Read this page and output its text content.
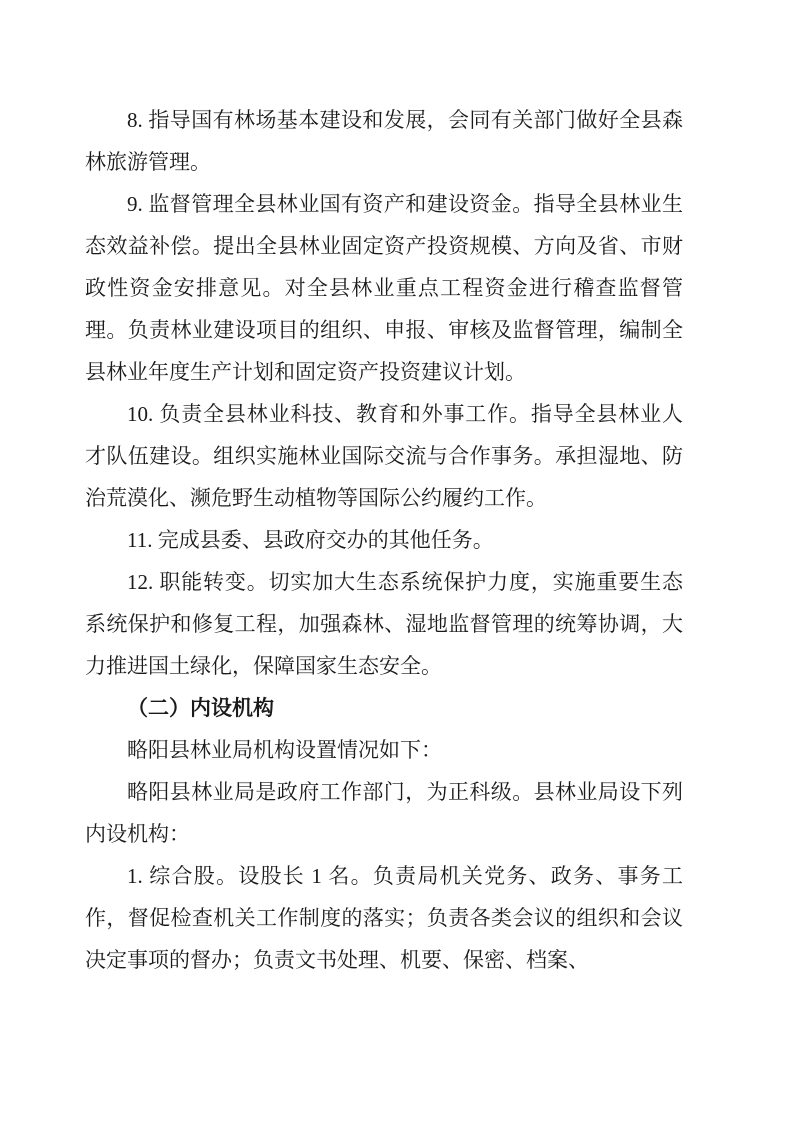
8. 指导国有林场基本建设和发展，会同有关部门做好全县森林旅游管理。

9. 监督管理全县林业国有资产和建设资金。指导全县林业生态效益补偿。提出全县林业固定资产投资规模、方向及省、市财政性资金安排意见。对全县林业重点工程资金进行稽查监督管理。负责林业建设项目的组织、申报、审核及监督管理，编制全县林业年度生产计划和固定资产投资建议计划。

10. 负责全县林业科技、教育和外事工作。指导全县林业人才队伍建设。组织实施林业国际交流与合作事务。承担湿地、防治荒漠化、濒危野生动植物等国际公约履约工作。

11. 完成县委、县政府交办的其他任务。

12. 职能转变。切实加大生态系统保护力度，实施重要生态系统保护和修复工程，加强森林、湿地监督管理的统筹协调，大力推进国土绿化，保障国家生态安全。

（二）内设机构

略阳县林业局机构设置情况如下：

略阳县林业局是政府工作部门，为正科级。县林业局设下列内设机构：

1. 综合股。设股长 1 名。负责局机关党务、政务、事务工作，督促检查机关工作制度的落实；负责各类会议的组织和会议决定事项的督办；负责文书处理、机要、保密、档案、
